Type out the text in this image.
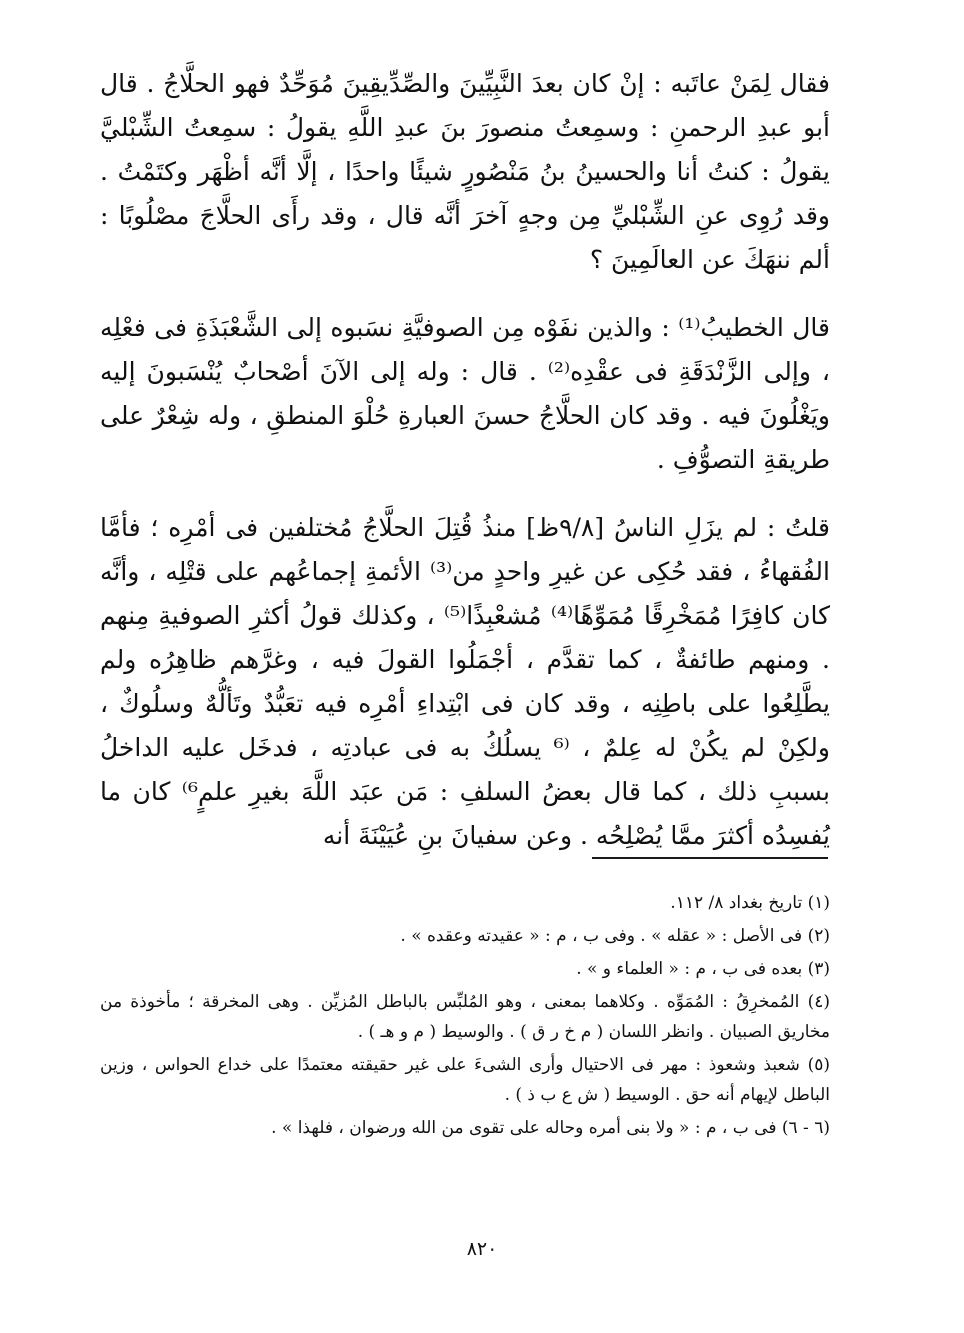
فقال لِمَنْ عاتَبه : إنْ كان بعدَ النَّبِيِّينَ والصِّدِّيقِينَ مُوَحِّدٌ فهو الحلَّاجُ . قال أبو عبدِ الرحمنِ : وسمِعتُ منصورَ بنَ عبدِ اللَّهِ يقولُ : سمِعتُ الشِّبْليَّ يقولُ : كنتُ أنا والحسينُ بنُ مَنْصُورٍ شيئًا واحدًا ، إلَّا أنَّه أظْهَر وكتَمْتُ . وقد رُوِى عنِ الشِّبْليِّ مِن وجهٍ آخرَ أنَّه قال ، وقد رأَى الحلَّاجَ مصْلُوبًا : ألم ننهَكَ عن العالَمِينَ ؟

قال الخطيبُ⁽¹⁾ : والذين نفَوْه مِن الصوفيَّةِ نسَبوه إلى الشَّعْبَذَةِ فى فعْلِه ، وإلى الزَّنْدَقَةِ فى عقْدِه⁽²⁾ . قال : وله إلى الآنَ أصْحابٌ يُنْسَبونَ إليه ويَغْلُونَ فيه . وقد كان الحلَّاجُ حسنَ العبارةِ حُلْوَ المنطقِ ، وله شِعْرٌ على طريقةِ التصوُّفِ .

قلتُ : لم يزَلِ الناسُ [٩/٨ظ] منذُ قُتِلَ الحلَّاجُ مُختلفين فى أمْرِه ؛ فأمَّا الفُقهاءُ ، فقد حُكِى عن غيرِ واحدٍ من⁽³⁾ الأئمةِ إجماعُهم على قتْلِه ، وأنَّه كان كافِرًا مُمَخْرِقًا مُمَوِّهًا⁽⁴⁾ مُشعْبِذًا⁽⁵⁾ ، وكذلك قولُ أكثرِ الصوفيةِ مِنهم . ومنهم طائفةٌ ، كما تقدَّم ، أجْمَلُوا القولَ فيه ، وغرَّهم ظاهِرُه ولم يطَّلِعُوا على باطِنِه ، وقد كان فى ابْتِداءِ أمْرِه فيه تعَبُّدٌ وتَألُّهٌ وسلُوكٌ ، ولكِنْ لم يكُنْ له عِلمٌ ، ⁽⁶ يسلُكُ به فى عبادتِه ، فدخَل عليه الداخلُ بسببِ ذلك ، كما قال بعضُ السلفِ : مَن عبَد اللَّهَ بغيرِ علمٍ⁶⁾ كان ما يُفسِدُه أكثرَ ممَّا يُصْلِحُه . وعن سفيانَ بنِ عُيَيْنَةَ أنه

(١) تاريخ بغداد ٨/ ١١٢.

(٢) فى الأصل : « عقله » . وفى ب ، م : « عقيدته وعقده » .

(٣) بعده فى ب ، م : « العلماء و » .

(٤) المُمخرِقُ : المُمَوِّه . وكلاهما بمعنى ، وهو المُلبِّس بالباطل المُزيِّن . وهى المخرقة ؛ مأخوذة من مخاريق الصبيان . وانظر اللسان ( م خ ر ق ) . والوسيط ( م و هـ ) .

(٥) شعبذ وشعوذ : مهر فى الاحتيال وأرى الشىءَ على غير حقيقته معتمدًا على خداع الحواس ، وزين الباطل لإيهام أنه حق . الوسيط ( ش ع ب ذ ) .

(٦ - ٦) فى ب ، م : « ولا بنى أمره وحاله على تقوى من الله ورضوان ، فلهذا » .

٨٢٠
